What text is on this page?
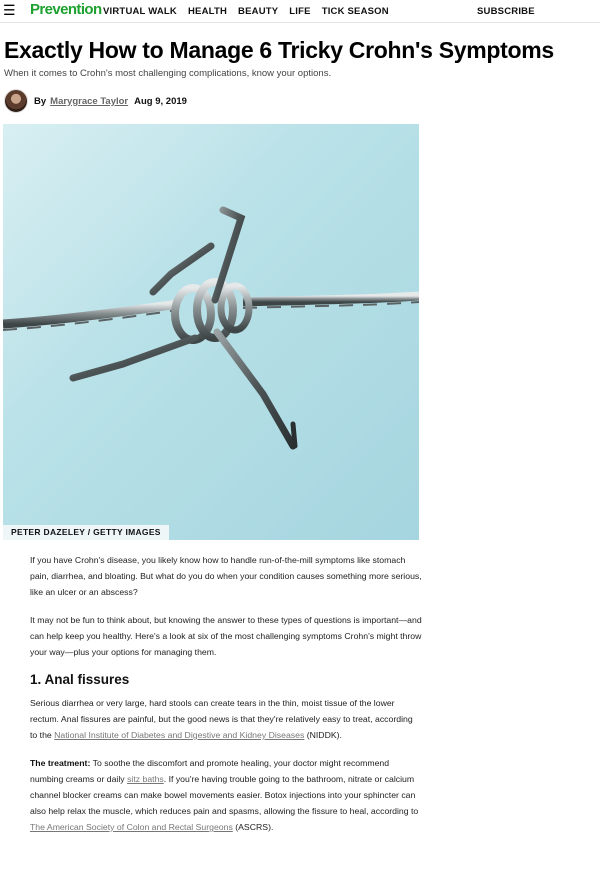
☰ Prevention VIRTUAL WALK HEALTH BEAUTY LIFE TICK SEASON	SUBSCRIBE
Exactly How to Manage 6 Tricky Crohn's Symptoms
When it comes to Crohn's most challenging complications, know your options.
By Marygrace Taylor Aug 9, 2019
PETER DAZELEY / GETTY IMAGES

If you have Crohn's disease, you likely know how to handle run-of-the-mill symptoms like stomach pain, diarrhea, and bloating. But what do you do when your condition causes something more serious, like an ulcer or an abscess?

It may not be fun to think about, but knowing the answer to these types of questions is important—and can help keep you healthy. Here's a look at six of the most challenging symptoms Crohn's might throw your way—plus your options for managing them.

1. Anal fissures

Serious diarrhea or very large, hard stools can create tears in the thin, moist tissue of the lower rectum. Anal fissures are painful, but the good news is that they're relatively easy to treat, according to the National Institute of Diabetes and Digestive and Kidney Diseases (NIDDK).

The treatment: To soothe the discomfort and promote healing, your doctor might recommend numbing creams or daily sitz baths. If you're having trouble going to the bathroom, nitrate or calcium channel blocker creams can make bowel movements easier. Botox injections into your sphincter can also help relax the muscle, which reduces pain and spasms, allowing the fissure to heal, according to The American Society of Colon and Rectal Surgeons (ASCRS).
